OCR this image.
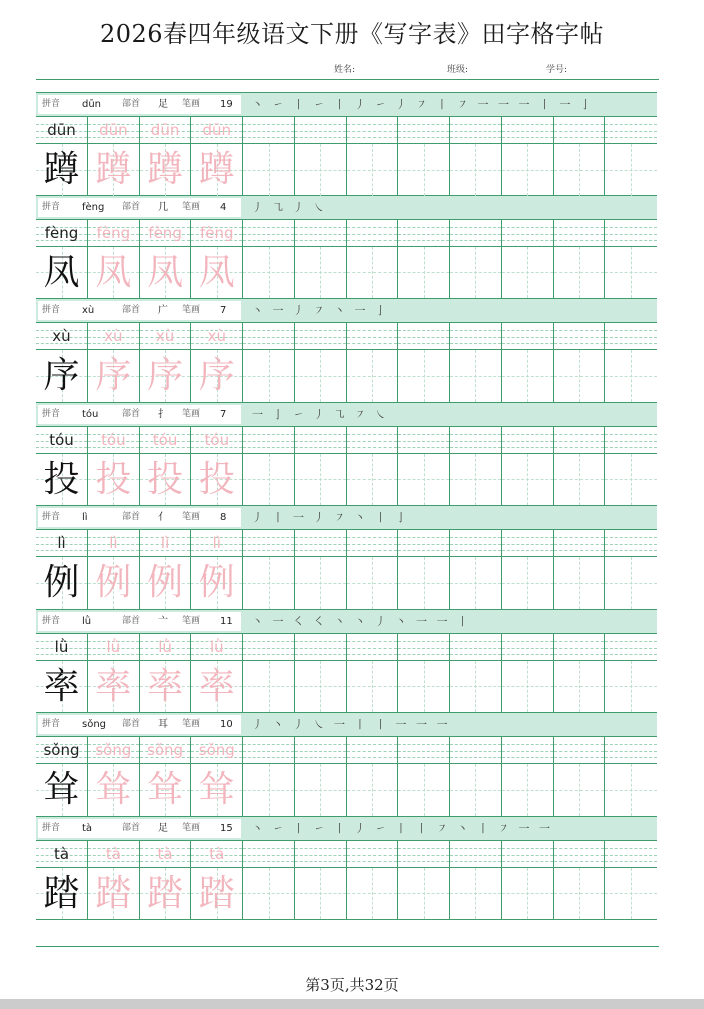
2026春四年级语文下册《写字表》田字格字帖
姓名:	班级:	学号:
拼音 dūn 部首 足 笔画 19 丶 ㇀ 丨 ㇀ 丨 丿 ㇀ 丿 ㇇ 丨 ㇇ 一 一 一 丨 一 亅
dūn
蹲
dūn
蹲
dūn
蹲
dūn
蹲
拼音 fèng 部首 几 笔画 4 丿 ㇈ 丿 ㇏
fèng
凤
fèng
凤
fèng
凤
fèng
凤
拼音 xù	部首 广 笔画 7 丶 一 丿 ㇇ 丶 一 亅
xù
序
xù
序
xù
序
xù
序
拼音 tóu	部首 扌 笔画 7 一 亅 ㇀ 丿 ㇈ ㇇ ㇏
tóu
投
tóu
投
tóu
投
tóu
投
拼音 lì	部首 亻 笔画 8 丿 丨 一 丿 ㇇ 丶 丨 亅
lì
例
lì
例
lì
例
lì
例
拼音 lǜ	部首 亠 笔画 11 丶 一 ㇛ ㇛ 丶 丶 丿 丶 一 一 丨
lǜ
率
lǜ
率
lǜ
率
lǜ
率
拼音 sǒng 部首 耳 笔画 10 丿 丶 丿 ㇏ 一 丨 丨 一 一 一
sǒng
耸
sǒng
耸
sǒng
耸
sǒng
耸
拼音 tà	部首 足 笔画 15 丶 ㇀ 丨 ㇀ 丨 丿 ㇀ 丨 丨 ㇇ 丶 丨 ㇇ 一 一
tà
踏
tà
踏
tà
踏
tà
踏
第3页,共32页
